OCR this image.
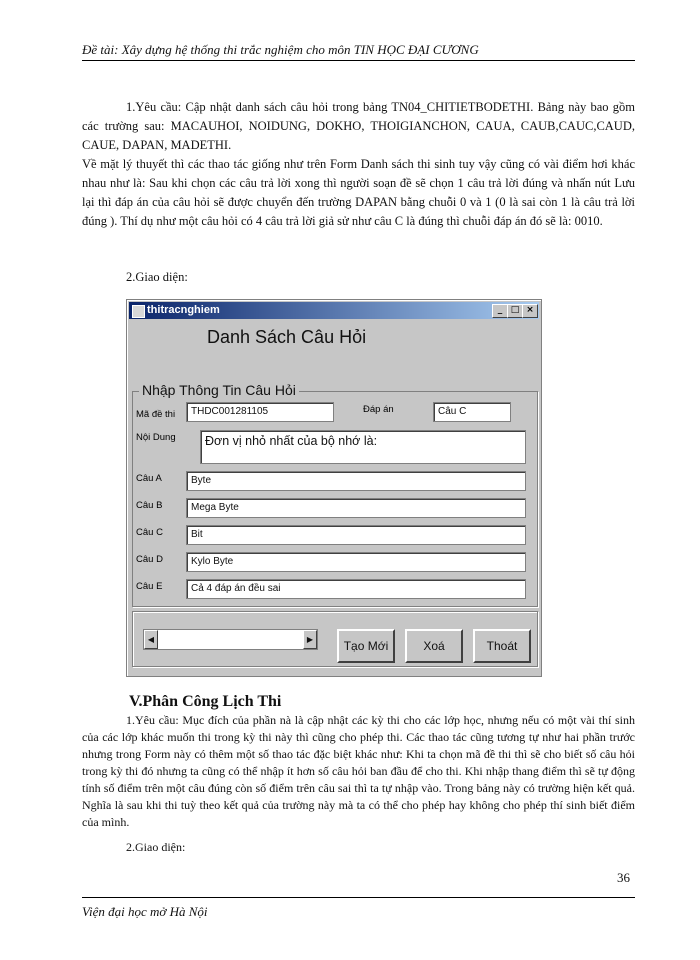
Đề tài: Xây dựng hệ thống thi trắc nghiệm cho môn TIN HỌC ĐẠI CƯƠNG
1.Yêu cầu: Cập nhật danh sách câu hỏi trong bảng TN04_CHITIETBODETHI. Bảng này bao gồm các trường sau: MACAUHOI, NOIDUNG, DOKHO, THOIGIANCHON, CAUA, CAUB,CAUC,CAUD, CAUE, DAPAN, MADETHI.
Về mặt lý thuyết thì các thao tác giống như trên Form Danh sách thi sinh tuy vậy cũng có vài điểm hơi khác nhau như là: Sau khi chọn các câu trả lời xong thì người soạn đề sẽ chọn 1 câu trả lời đúng và nhấn nút Lưu lại thì đáp án của câu hỏi sẽ được chuyển đến trường DAPAN bằng chuỗi 0 và 1 (0 là sai còn 1 là câu trả lời đúng ). Thí dụ như một câu hỏi có 4 câu trả lời giả sử như câu C là đúng thì chuỗi đáp án đó sẽ là: 0010.
2.Giao diện:
thitracnghiem	_ □ ×
Danh Sách Câu Hỏi
Nhập Thông Tin Câu Hỏi
Mã đề thi	THDC001281105	Đáp án	Câu C
Nội Dung	Đơn vị nhỏ nhất của bộ nhớ là:
Câu A	Byte
Câu B	Mega Byte
Câu C	Bit
Câu D	Kylo Byte
Câu E	Cả 4 đáp án đều sai
◀	▶	Tạo Mới	Xoá	Thoát
V.Phân Công Lịch Thi
1.Yêu cầu: Mục đích của phần nà là cập nhật các kỳ thi cho các lớp học, nhưng nếu có một vài thí sinh của các lớp khác muốn thi trong kỳ thi này thì cũng cho phép thi. Các thao tác cũng tương tự như hai phần trước nhưng trong Form này có thêm một số thao tác đặc biệt khác như: Khi ta chọn mã đề thi thì sẽ cho biết số câu hỏi trong kỳ thi đó nhưng ta cũng có thể nhập ít hơn số câu hỏi ban đầu để cho thi. Khi nhập thang điểm thì sẽ tự động tính số điểm trên một câu đúng còn số điểm trên câu sai thì ta tự nhập vào. Trong bảng này có trường hiện kết quả. Nghĩa là sau khi thi tuỳ theo kết quả của trường này mà ta có thể cho phép hay không cho phép thí sinh biết điểm của mình.
2.Giao diện:
36
Viện đại học mở Hà Nội
